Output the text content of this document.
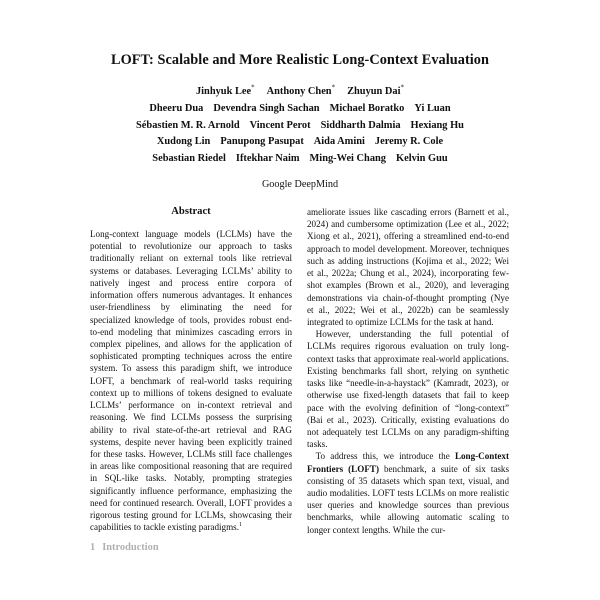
LOFT: Scalable and More Realistic Long-Context Evaluation
Jinhyuk Lee* Anthony Chen* Zhuyun Dai*
Dheeru Dua Devendra Singh Sachan Michael Boratko Yi Luan
Sébastien M. R. Arnold Vincent Perot Siddharth Dalmia Hexiang Hu
Xudong Lin Panupong Pasupat Aida Amini Jeremy R. Cole
Sebastian Riedel Iftekhar Naim Ming-Wei Chang Kelvin Guu
Google DeepMind
Abstract

Long-context language models (LCLMs) have the potential to revolutionize our approach to tasks traditionally reliant on external tools like retrieval systems or databases. Leveraging LCLMs’ ability to natively ingest and process entire corpora of information offers numerous advantages. It enhances user-friendliness by eliminating the need for specialized knowledge of tools, provides robust end-to-end modeling that minimizes cascading errors in complex pipelines, and allows for the application of sophisticated prompting techniques across the entire system. To assess this paradigm shift, we introduce LOFT, a benchmark of real-world tasks requiring context up to millions of tokens designed to evaluate LCLMs’ performance on in-context retrieval and reasoning. We find LCLMs possess the surprising ability to rival state-of-the-art retrieval and RAG systems, despite never having been explicitly trained for these tasks. However, LCLMs still face challenges in areas like compositional reasoning that are required in SQL-like tasks. Notably, prompting strategies significantly influence performance, emphasizing the need for continued research. Overall, LOFT provides a rigorous testing ground for LCLMs, showcasing their capabilities to tackle existing paradigms.$^1$

1 Introduction

ameliorate issues like cascading errors (Barnett et al., 2024) and cumbersome optimization (Lee et al., 2022; Xiong et al., 2021), offering a streamlined end-to-end approach to model development. Moreover, techniques such as adding instructions (Kojima et al., 2022; Wei et al., 2022a; Chung et al., 2024), incorporating few-shot examples (Brown et al., 2020), and leveraging demonstrations via chain-of-thought prompting (Nye et al., 2022; Wei et al., 2022b) can be seamlessly integrated to optimize LCLMs for the task at hand.

However, understanding the full potential of LCLMs requires rigorous evaluation on truly long-context tasks that approximate real-world applications. Existing benchmarks fall short, relying on synthetic tasks like “needle-in-a-haystack” (Kamradt, 2023), or otherwise use fixed-length datasets that fail to keep pace with the evolving definition of “long-context” (Bai et al., 2023). Critically, existing evaluations do not adequately test LCLMs on any paradigm-shifting tasks.

To address this, we introduce the Long-Context Frontiers (LOFT) benchmark, a suite of six tasks consisting of 35 datasets which span text, visual, and audio modalities. LOFT tests LCLMs on more realistic user queries and knowledge sources than previous benchmarks, while allowing automatic scaling to longer context lengths. While the cur-
